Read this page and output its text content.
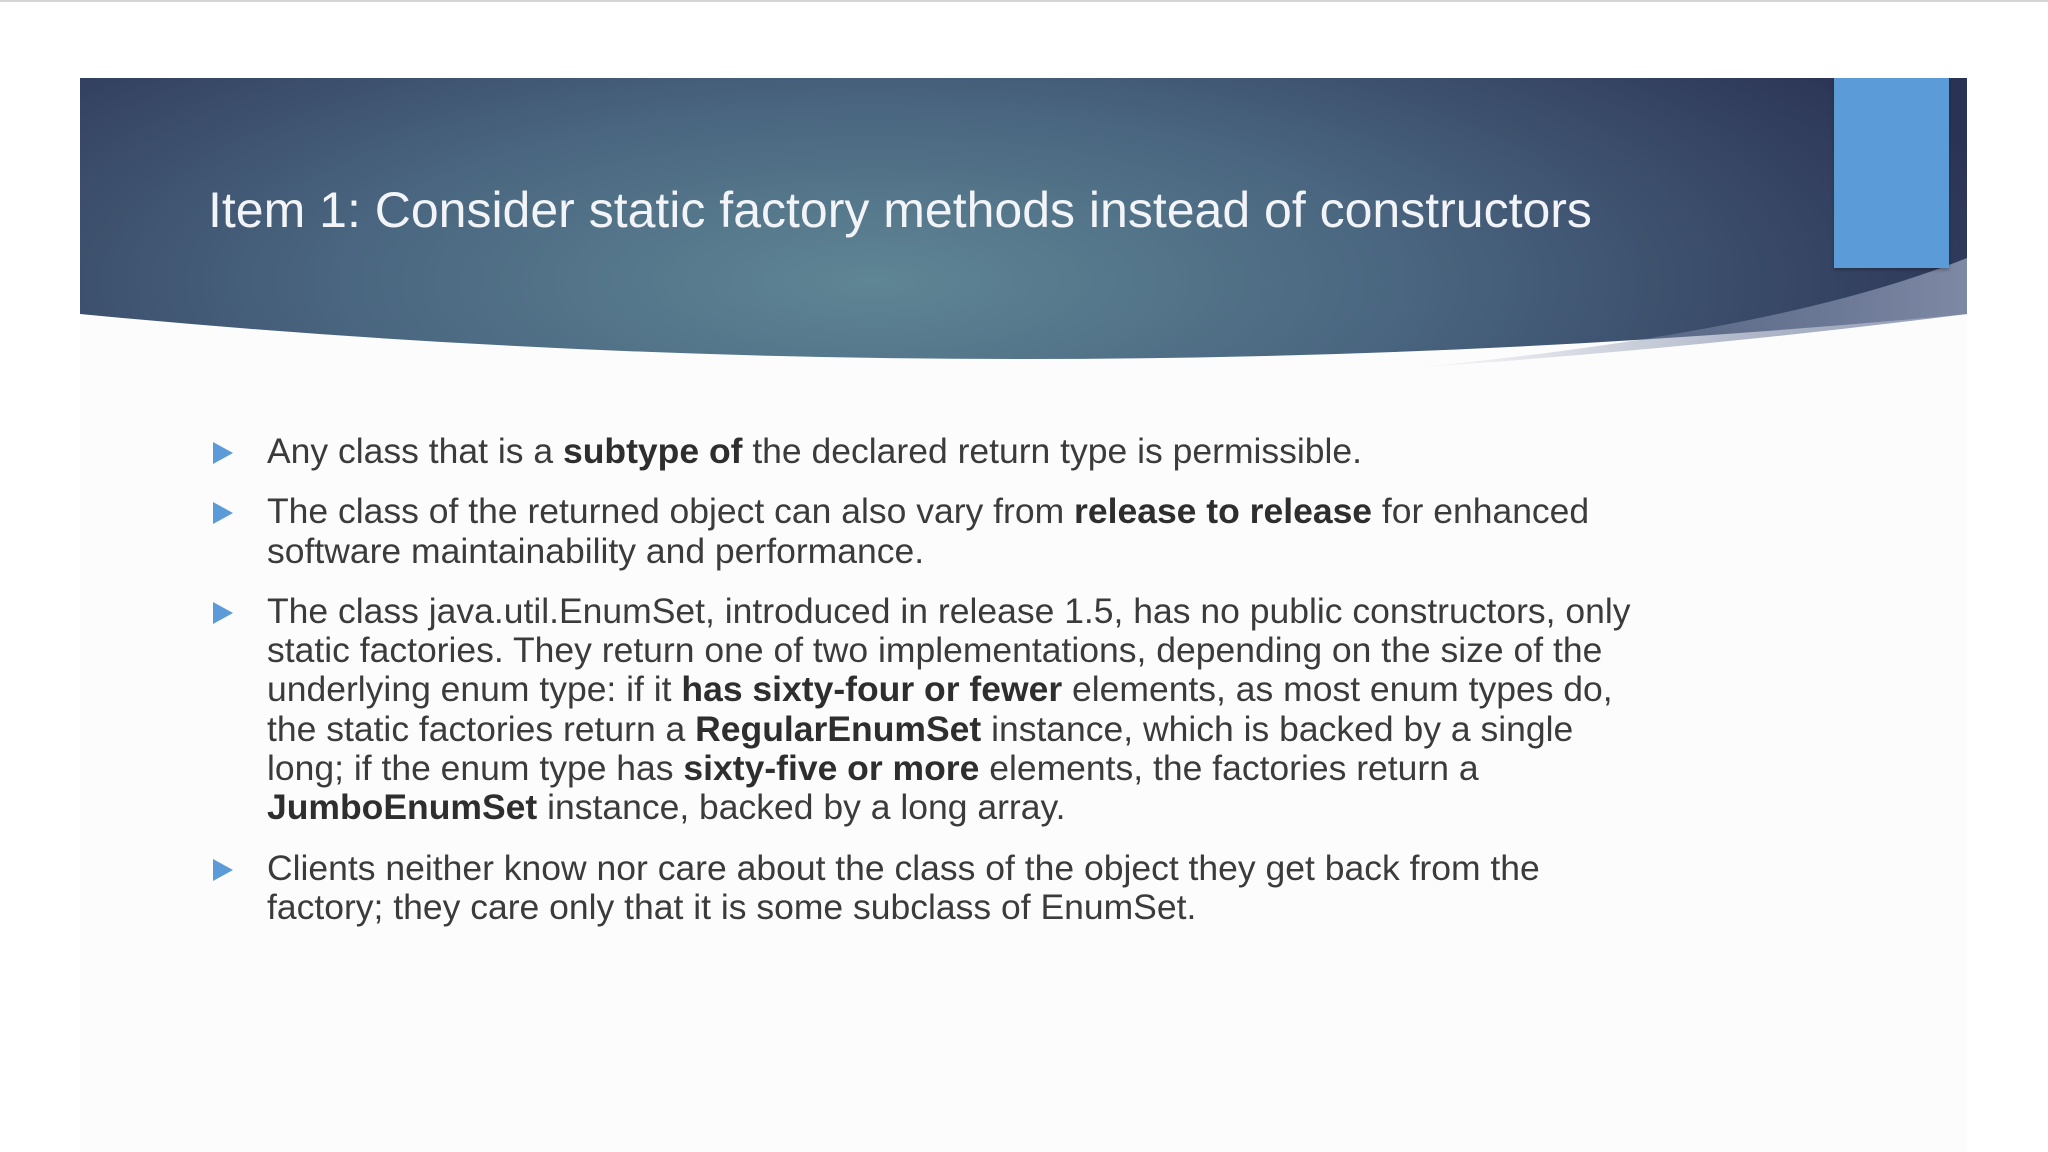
Item 1: Consider static factory methods instead of constructors
Any class that is a subtype of the declared return type is permissible.
The class of the returned object can also vary from release to release for enhanced software maintainability and performance.
The class java.util.EnumSet, introduced in release 1.5, has no public constructors, only static factories. They return one of two implementations, depending on the size of the underlying enum type: if it has sixty-four or fewer elements, as most enum types do, the static factories return a RegularEnumSet instance, which is backed by a single long; if the enum type has sixty-five or more elements, the factories return a JumboEnumSet instance, backed by a long array.
Clients neither know nor care about the class of the object they get back from the factory; they care only that it is some subclass of EnumSet.
